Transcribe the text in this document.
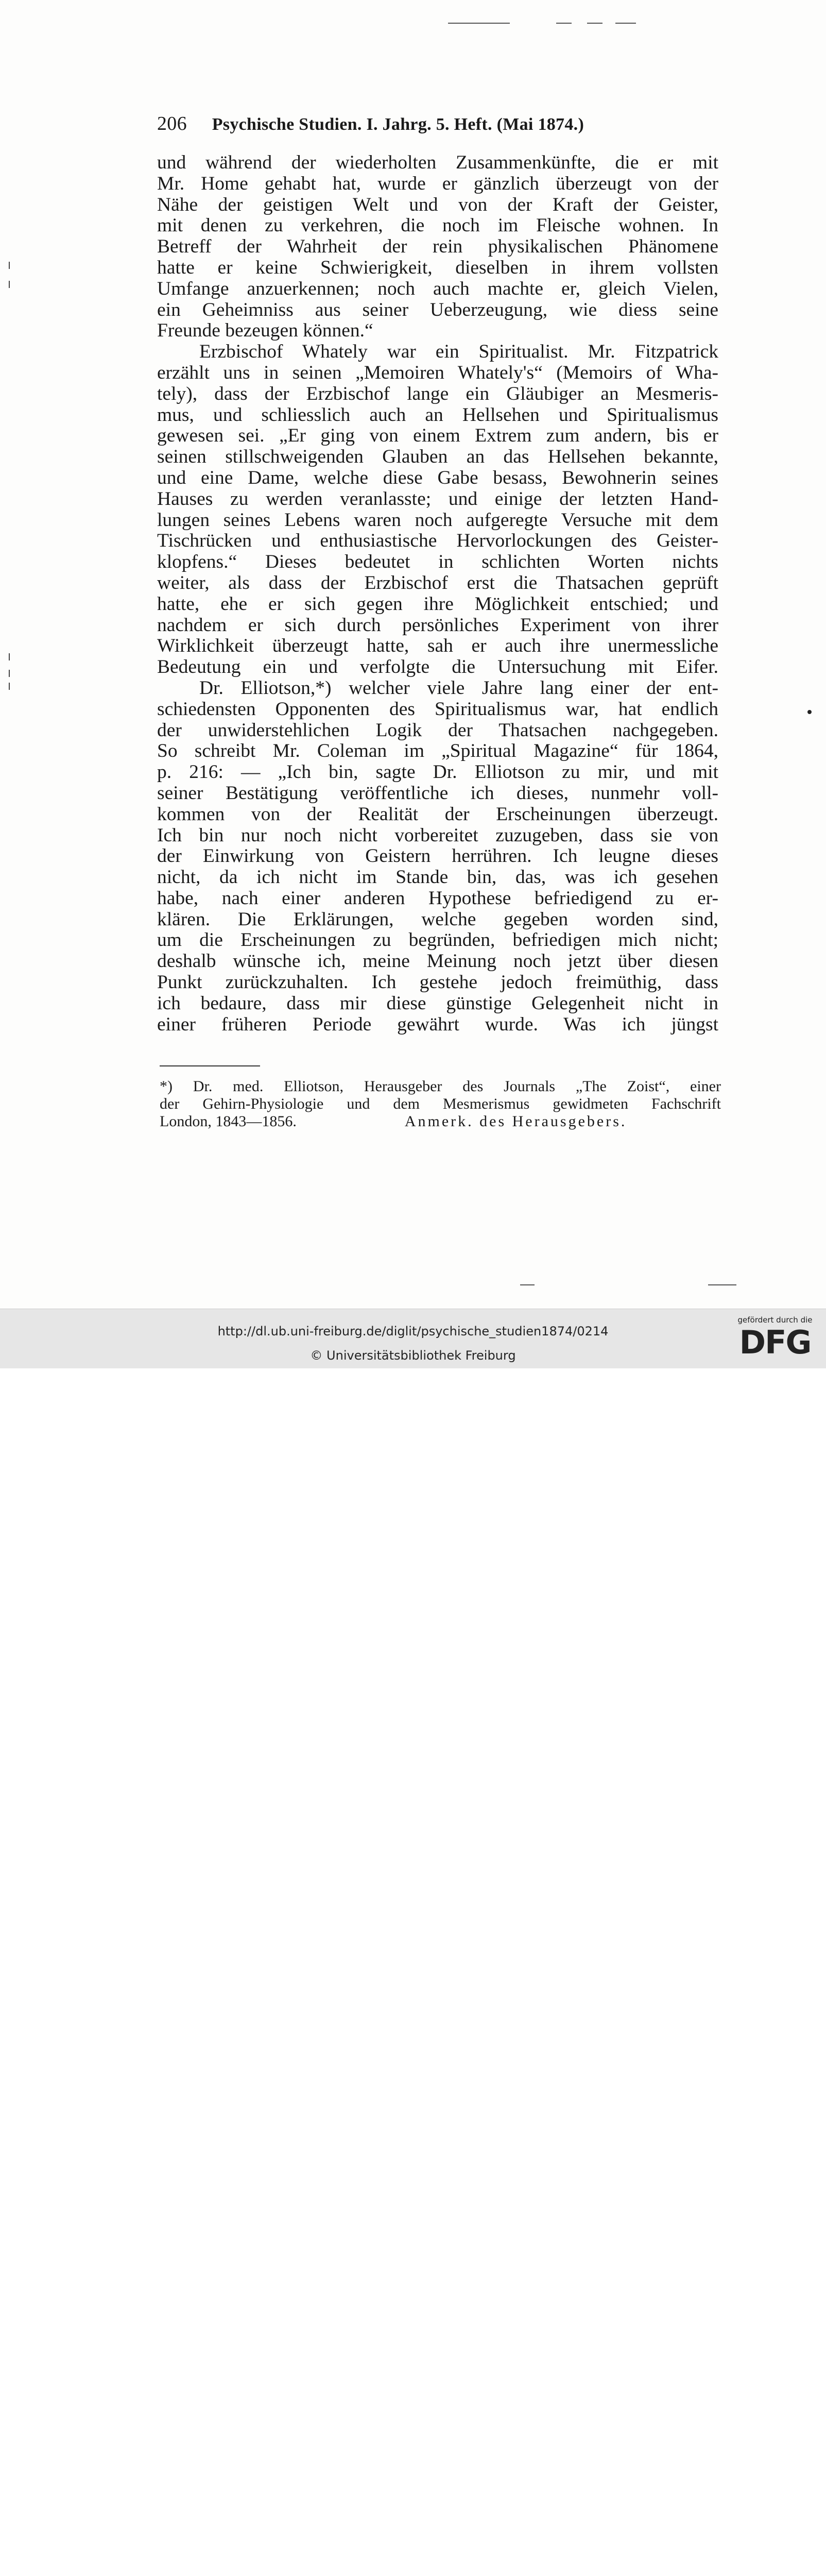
206 Psychische Studien. I. Jahrg. 5. Heft. (Mai 1874.)
und während der wiederholten Zusammenkünfte, die er mit
Mr. Home gehabt hat, wurde er gänzlich überzeugt von der
Nähe der geistigen Welt und von der Kraft der Geister,
mit denen zu verkehren, die noch im Fleische wohnen. In
Betreff der Wahrheit der rein physikalischen Phänomene
hatte er keine Schwierigkeit, dieselben in ihrem vollsten
Umfange anzuerkennen; noch auch machte er, gleich Vielen,
ein Geheimniss aus seiner Ueberzeugung, wie diess seine
Freunde bezeugen können.“
Erzbischof Whately war ein Spiritualist. Mr. Fitzpatrick
erzählt uns in seinen „Memoiren Whately's“ (Memoirs of Wha-
tely), dass der Erzbischof lange ein Gläubiger an Mesmeris-
mus, und schliesslich auch an Hellsehen und Spiritualismus
gewesen sei. „Er ging von einem Extrem zum andern, bis er
seinen stillschweigenden Glauben an das Hellsehen bekannte,
und eine Dame, welche diese Gabe besass, Bewohnerin seines
Hauses zu werden veranlasste; und einige der letzten Hand-
lungen seines Lebens waren noch aufgeregte Versuche mit dem
Tischrücken und enthusiastische Hervorlockungen des Geister-
klopfens.“ Dieses bedeutet in schlichten Worten nichts
weiter, als dass der Erzbischof erst die Thatsachen geprüft
hatte, ehe er sich gegen ihre Möglichkeit entschied; und
nachdem er sich durch persönliches Experiment von ihrer
Wirklichkeit überzeugt hatte, sah er auch ihre unermessliche
Bedeutung ein und verfolgte die Untersuchung mit Eifer.
Dr. Elliotson,*) welcher viele Jahre lang einer der ent-
schiedensten Opponenten des Spiritualismus war, hat endlich
der unwiderstehlichen Logik der Thatsachen nachgegeben.
So schreibt Mr. Coleman im „Spiritual Magazine“ für 1864,
p. 216: — „Ich bin, sagte Dr. Elliotson zu mir, und mit
seiner Bestätigung veröffentliche ich dieses, nunmehr voll-
kommen von der Realität der Erscheinungen überzeugt.
Ich bin nur noch nicht vorbereitet zuzugeben, dass sie von
der Einwirkung von Geistern herrühren. Ich leugne dieses
nicht, da ich nicht im Stande bin, das, was ich gesehen
habe, nach einer anderen Hypothese befriedigend zu er-
klären. Die Erklärungen, welche gegeben worden sind,
um die Erscheinungen zu begründen, befriedigen mich nicht;
deshalb wünsche ich, meine Meinung noch jetzt über diesen
Punkt zurückzuhalten. Ich gestehe jedoch freimüthig, dass
ich bedaure, dass mir diese günstige Gelegenheit nicht in
einer früheren Periode gewährt wurde. Was ich jüngst
*) Dr. med. Elliotson, Herausgeber des Journals „The Zoist“, einer
der Gehirn-Physiologie und dem Mesmerismus gewidmeten Fachschrift
London, 1843—1856.	Anmerk. des Herausgebers.
http://dl.ub.uni-freiburg.de/diglit/psychische_studien1874/0214
© Universitätsbibliothek Freiburg
gefördert durch die
DFG
